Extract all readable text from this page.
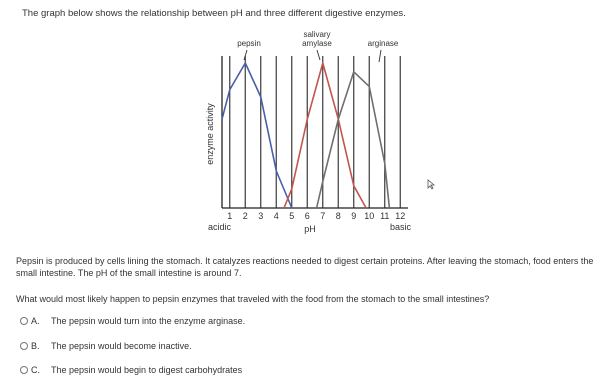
The graph below shows the relationship between pH and three different digestive enzymes.
1 2 3 4 5 6 7 8 9 10 11 12
acidic	basic
pH
enzyme activity
pepsin
salivary
amylase	arginase
Pepsin is produced by cells lining the stomach. It catalyzes reactions needed to digest certain proteins. After leaving the stomach, food enters the small intestine. The pH of the small intestine is around 7.
What would most likely happen to pepsin enzymes that traveled with the food from the stomach to the small intestines?
A.	The pepsin would turn into the enzyme arginase.
B.	The pepsin would become inactive.
C.	The pepsin would begin to digest carbohydrates
